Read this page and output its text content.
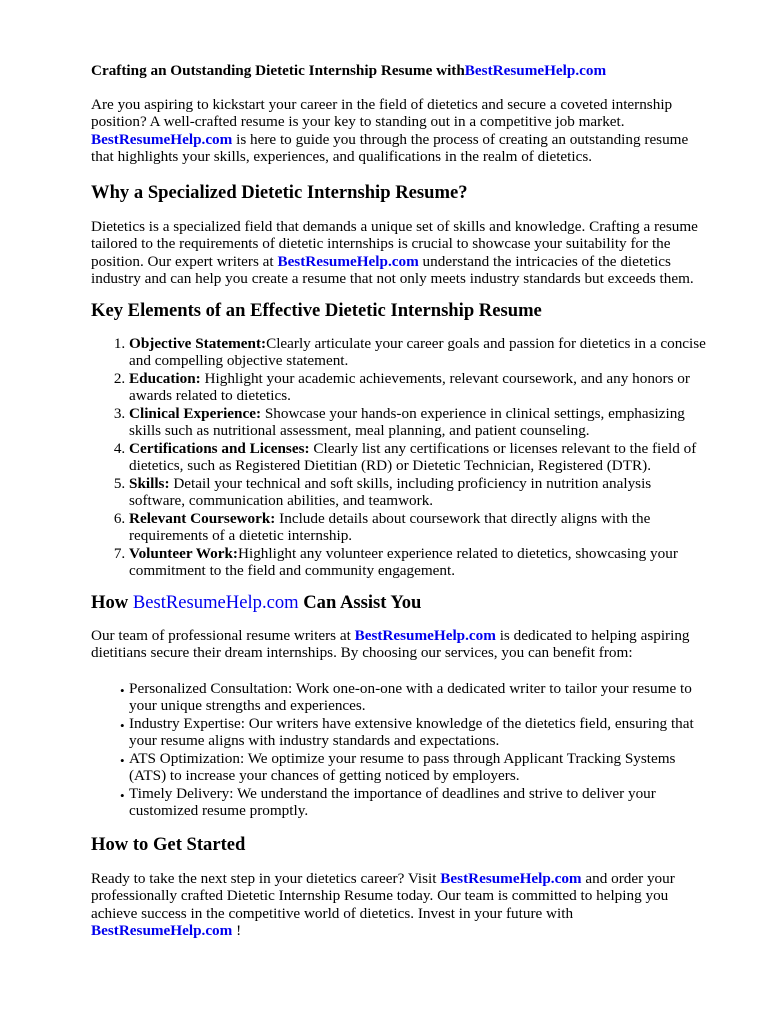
Crafting an Outstanding Dietetic Internship Resume withBestResumeHelp.com

Are you aspiring to kickstart your career in the field of dietetics and secure a coveted internship position? A well-crafted resume is your key to standing out in a competitive job market.
BestResumeHelp.com is here to guide you through the process of creating an outstanding resume that highlights your skills, experiences, and qualifications in the realm of dietetics.

Why a Specialized Dietetic Internship Resume?

Dietetics is a specialized field that demands a unique set of skills and knowledge. Crafting a resume tailored to the requirements of dietetic internships is crucial to showcase your suitability for the position. Our expert writers at BestResumeHelp.com understand the intricacies of the dietetics industry and can help you create a resume that not only meets industry standards but exceeds them.

Key Elements of an Effective Dietetic Internship Resume
1. Objective Statement:Clearly articulate your career goals and passion for dietetics in a concise and compelling objective statement.
2. Education: Highlight your academic achievements, relevant coursework, and any honors or awards related to dietetics.
3. Clinical Experience: Showcase your hands-on experience in clinical settings, emphasizing skills such as nutritional assessment, meal planning, and patient counseling.
4. Certifications and Licenses: Clearly list any certifications or licenses relevant to the field of dietetics, such as Registered Dietitian (RD) or Dietetic Technician, Registered (DTR).
5. Skills: Detail your technical and soft skills, including proficiency in nutrition analysis software, communication abilities, and teamwork.
6. Relevant Coursework: Include details about coursework that directly aligns with the requirements of a dietetic internship.
7. Volunteer Work:Highlight any volunteer experience related to dietetics, showcasing your commitment to the field and community engagement.
How BestResumeHelp.com Can Assist You

Our team of professional resume writers at BestResumeHelp.com is dedicated to helping aspiring dietitians secure their dream internships. By choosing our services, you can benefit from:

• Personalized Consultation: Work one-on-one with a dedicated writer to tailor your resume to your unique strengths and experiences.
• Industry Expertise: Our writers have extensive knowledge of the dietetics field, ensuring that your resume aligns with industry standards and expectations.
• ATS Optimization: We optimize your resume to pass through Applicant Tracking Systems (ATS) to increase your chances of getting noticed by employers.
• Timely Delivery: We understand the importance of deadlines and strive to deliver your customized resume promptly.
How to Get Started

Ready to take the next step in your dietetics career? Visit BestResumeHelp.com and order your professionally crafted Dietetic Internship Resume today. Our team is committed to helping you achieve success in the competitive world of dietetics. Invest in your future with
BestResumeHelp.com !
